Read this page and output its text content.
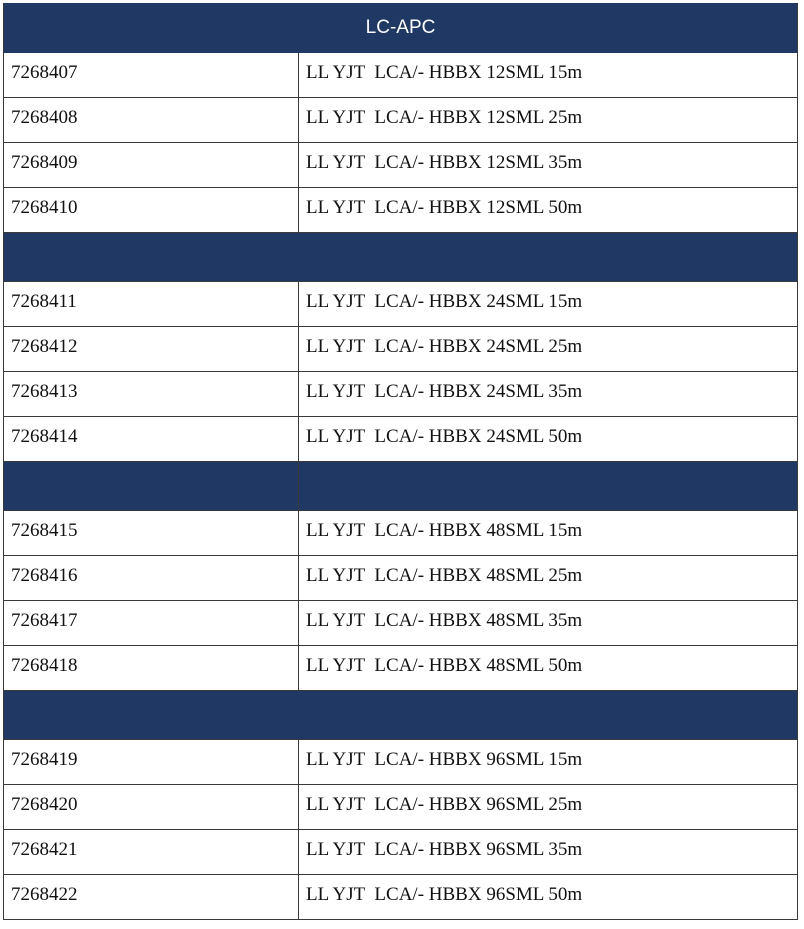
LC-APC
7268407	LL YJT  LCA/- HBBX 12SML 15m
7268408	LL YJT  LCA/- HBBX 12SML 25m
7268409	LL YJT  LCA/- HBBX 12SML 35m
7268410	LL YJT  LCA/- HBBX 12SML 50m
7268411	LL YJT  LCA/- HBBX 24SML 15m
7268412	LL YJT  LCA/- HBBX 24SML 25m
7268413	LL YJT  LCA/- HBBX 24SML 35m
7268414	LL YJT  LCA/- HBBX 24SML 50m
7268415	LL YJT  LCA/- HBBX 48SML 15m
7268416	LL YJT  LCA/- HBBX 48SML 25m
7268417	LL YJT  LCA/- HBBX 48SML 35m
7268418	LL YJT  LCA/- HBBX 48SML 50m
7268419	LL YJT  LCA/- HBBX 96SML 15m
7268420	LL YJT  LCA/- HBBX 96SML 25m
7268421	LL YJT  LCA/- HBBX 96SML 35m
7268422	LL YJT  LCA/- HBBX 96SML 50m
